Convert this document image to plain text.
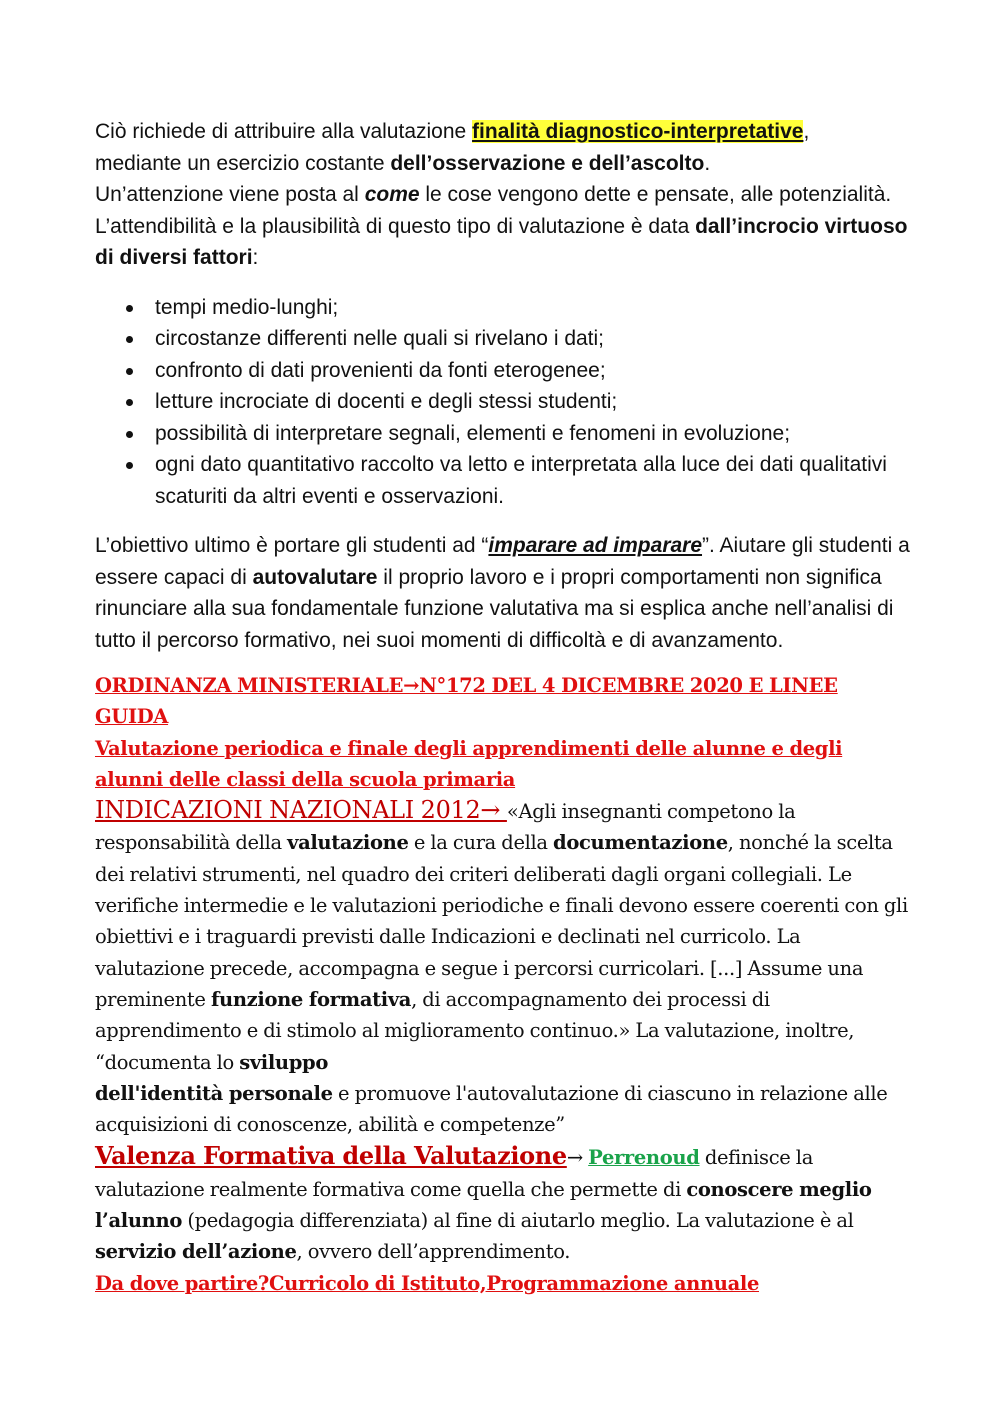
Ciò richiede di attribuire alla valutazione finalità diagnostico-interpretative,

mediante un esercizio costante dell’osservazione e dell’ascolto.

Un’attenzione viene posta al come le cose vengono dette e pensate, alle potenzialità. L’attendibilità e la plausibilità di questo tipo di valutazione è data dall’incrocio virtuoso di diversi fattori:

tempi medio-lunghi;
circostanze differenti nelle quali si rivelano i dati;
confronto di dati provenienti da fonti eterogenee;
letture incrociate di docenti e degli stessi studenti;
possibilità di interpretare segnali, elementi e fenomeni in evoluzione;
ogni dato quantitativo raccolto va letto e interpretata alla luce dei dati qualitativi scaturiti da altri eventi e osservazioni.

L’obiettivo ultimo è portare gli studenti ad “imparare ad imparare”. Aiutare gli studenti a essere capaci di autovalutare il proprio lavoro e i propri comportamenti non significa rinunciare alla sua fondamentale funzione valutativa ma si esplica anche nell’analisi di tutto il percorso formativo, nei suoi momenti di difficoltà e di avanzamento.

ORDINANZA MINISTERIALE→N°172 DEL 4 DICEMBRE 2020 E LINEE GUIDA

Valutazione periodica e finale degli apprendimenti delle alunne e degli alunni delle classi della scuola primaria

INDICAZIONI NAZIONALI 2012→ «Agli insegnanti competono la responsabilità della valutazione e la cura della documentazione, nonché la scelta dei relativi strumenti, nel quadro dei criteri deliberati dagli organi collegiali. Le verifiche intermedie e le valutazioni periodiche e finali devono essere coerenti con gli obiettivi e i traguardi previsti dalle Indicazioni e declinati nel curricolo. La valutazione precede, accompagna e segue i percorsi curricolari. [...] Assume una preminente funzione formativa, di accompagnamento dei processi di apprendimento e di stimolo al miglioramento continuo.» La valutazione, inoltre, “documenta lo sviluppo
dell'identità personale e promuove l'autovalutazione di ciascuno in relazione alle acquisizioni di conoscenze, abilità e competenze”

Valenza Formativa della Valutazione→ Perrenoud definisce la valutazione realmente formativa come quella che permette di conoscere meglio l’alunno (pedagogia differenziata) al fine di aiutarlo meglio. La valutazione è al servizio dell’azione, ovvero dell’apprendimento.

Da dove partire?Curricolo di Istituto,Programmazione annuale
